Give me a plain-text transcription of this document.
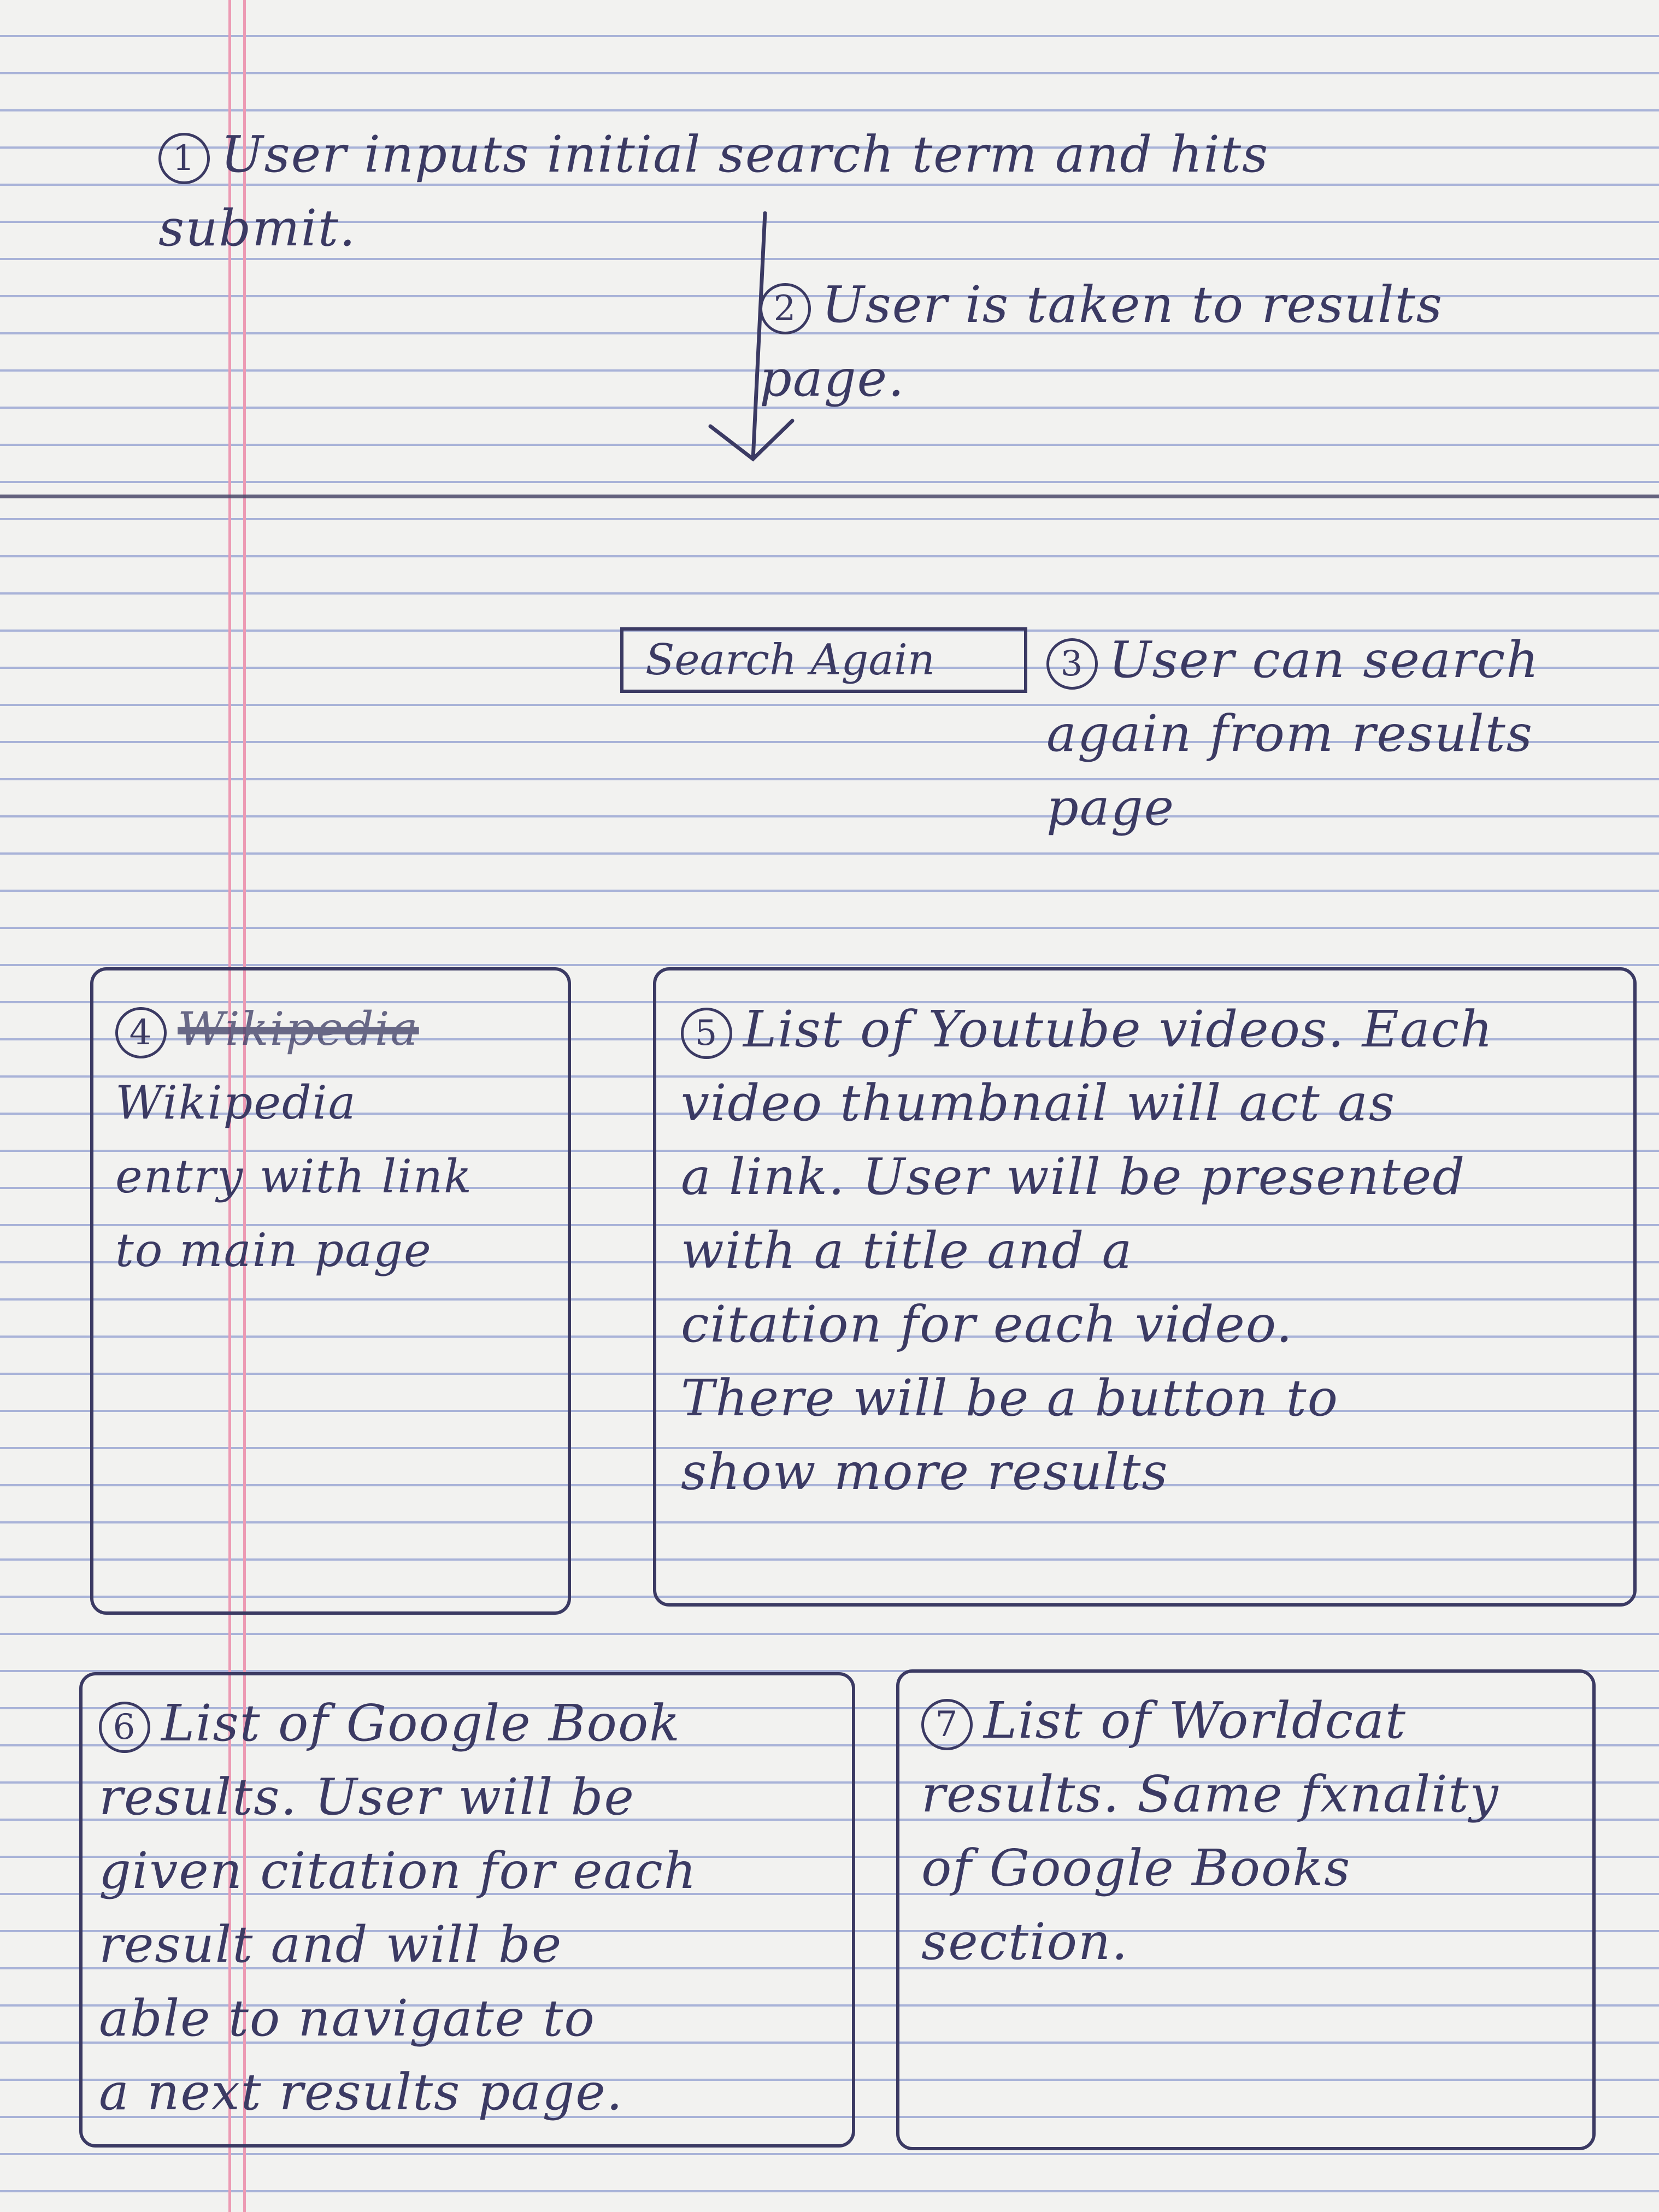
1 User inputs initial search term and hits
submit.
2 User is taken to results
page.
Search Again	3 User can search
again from results
page
4 Wikipedia
Wikipedia
entry with link
to main page
5 List of Youtube videos. Each
video thumbnail will act as
a link. User will be presented
with a title and a
citation for each video.
There will be a button to
show more results
6 List of Google Book
results. User will be
given citation for each
result and will be
able to navigate to
a next results page.
7 List of Worldcat
results. Same fxnality
of Google Books
section.
